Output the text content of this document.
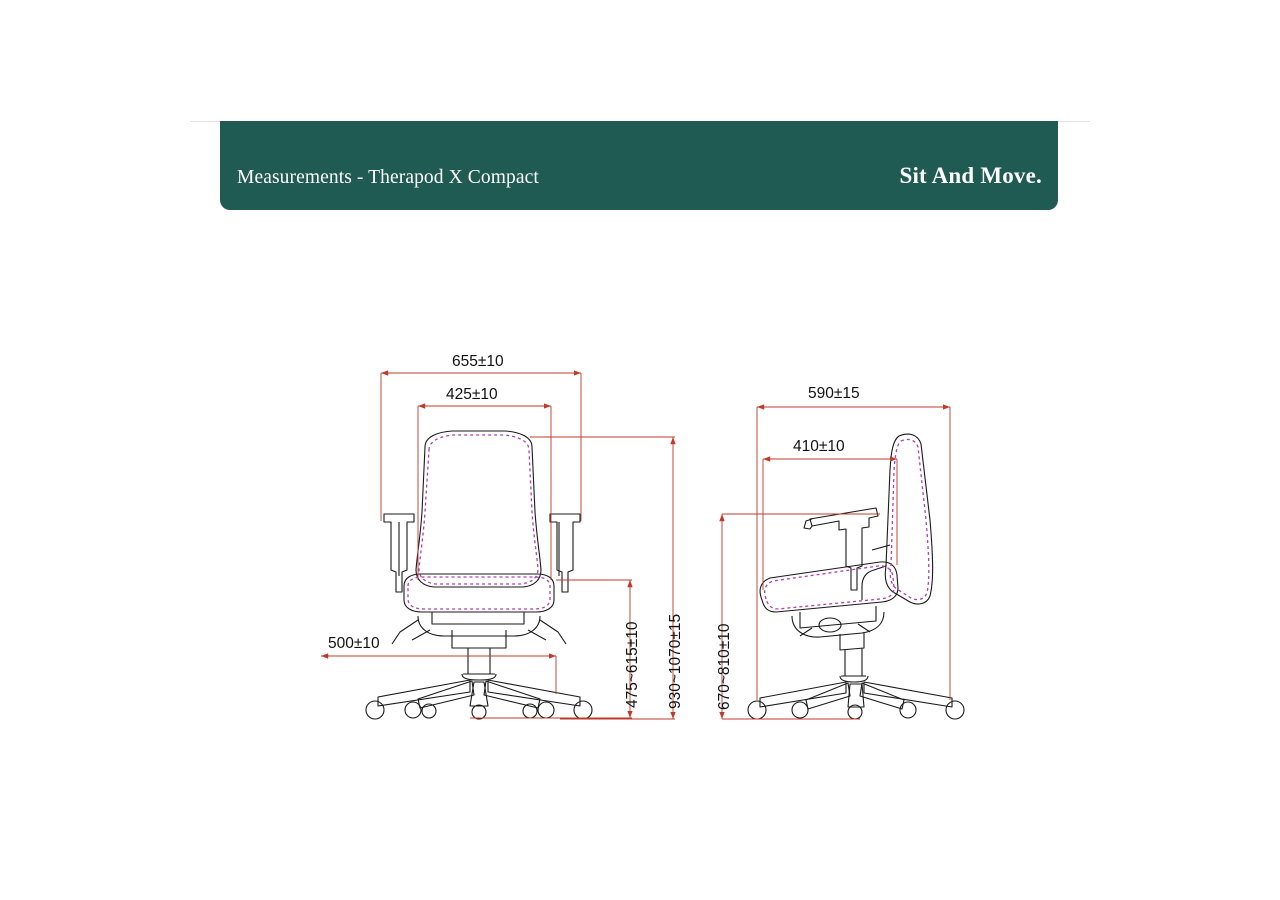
Measurements - Therapod X Compact	Sit And Move.
655±10
425±10
500±10	475~615±10 930~1070±15
590±15
410±10
670~810±10
